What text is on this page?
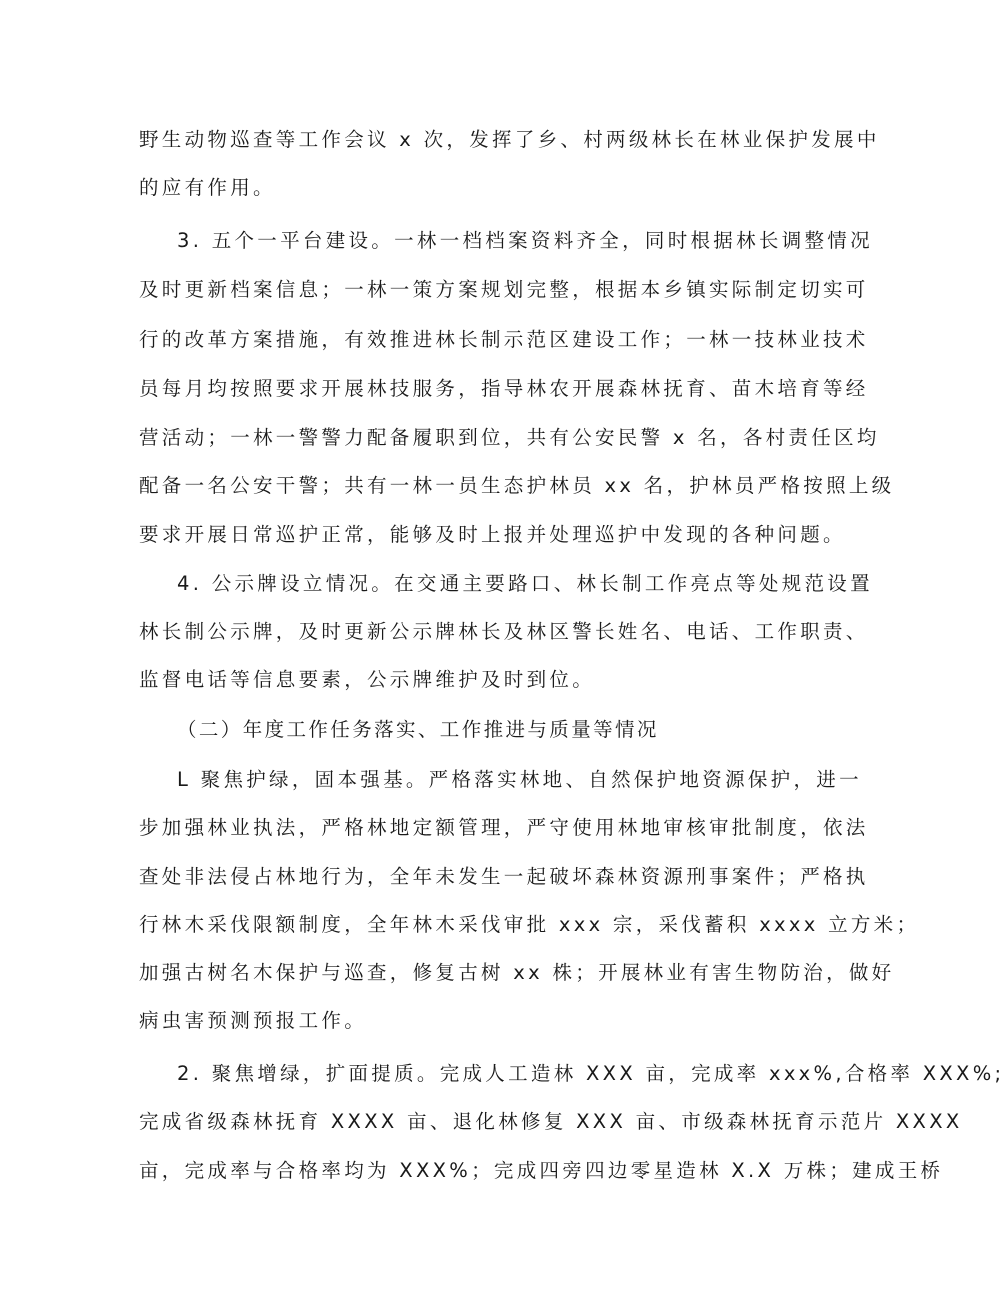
野生动物巡查等工作会议 x 次，发挥了乡、村两级林长在林业保护发展中
的应有作用。
3. 五个一平台建设。一林一档档案资料齐全，同时根据林长调整情况
及时更新档案信息；一林一策方案规划完整，根据本乡镇实际制定切实可
行的改革方案措施，有效推进林长制示范区建设工作；一林一技林业技术
员每月均按照要求开展林技服务，指导林农开展森林抚育、苗木培育等经
营活动；一林一警警力配备履职到位，共有公安民警 x 名，各村责任区均
配备一名公安干警；共有一林一员生态护林员 xx 名，护林员严格按照上级
要求开展日常巡护正常，能够及时上报并处理巡护中发现的各种问题。
4. 公示牌设立情况。在交通主要路口、林长制工作亮点等处规范设置
林长制公示牌，及时更新公示牌林长及林区警长姓名、电话、工作职责、
监督电话等信息要素，公示牌维护及时到位。
（二）年度工作任务落实、工作推进与质量等情况
L 聚焦护绿，固本强基。严格落实林地、自然保护地资源保护，进一
步加强林业执法，严格林地定额管理，严守使用林地审核审批制度，依法
查处非法侵占林地行为，全年未发生一起破坏森林资源刑事案件；严格执
行林木采伐限额制度，全年林木采伐审批 xxx 宗，采伐蓄积 xxxx 立方米；
加强古树名木保护与巡查，修复古树 xx 株；开展林业有害生物防治，做好
病虫害预测预报工作。
2. 聚焦增绿，扩面提质。完成人工造林 XXX 亩，完成率 xxx%,合格率 XXX%;
完成省级森林抚育 XXXX 亩、退化林修复 XXX 亩、市级森林抚育示范片 XXXX
亩，完成率与合格率均为 XXX%；完成四旁四边零星造林 X.X 万株；建成王桥
